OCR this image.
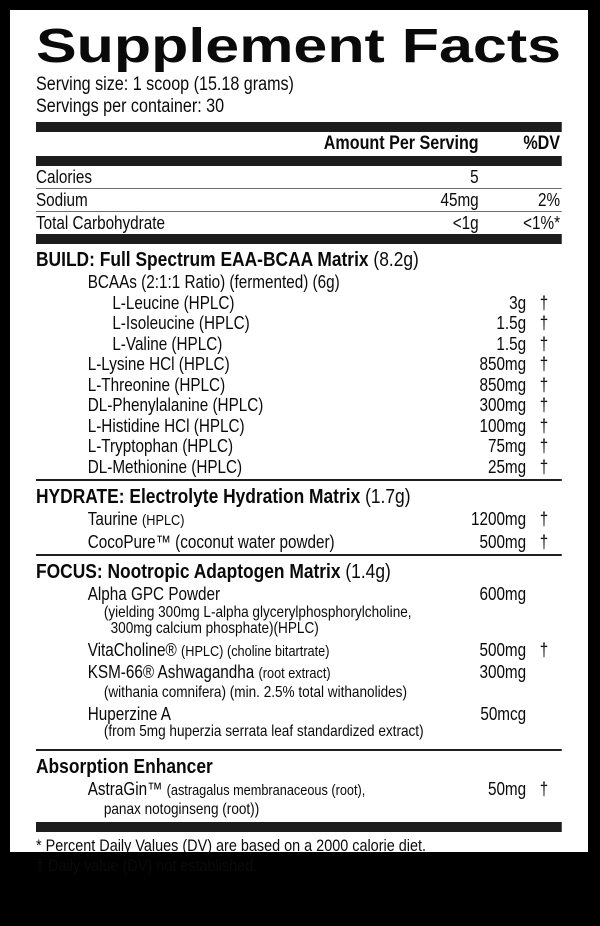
Supplement Facts
Serving size: 1 scoop (15.18 grams)
Servings per container: 30
Amount Per Serving	%DV
Calories	5
Sodium	45mg	2%
Total Carbohydrate	<1g	<1%*
BUILD: Full Spectrum EAA-BCAA Matrix (8.2g)
BCAAs (2:1:1 Ratio) (fermented) (6g)
L-Leucine (HPLC)	3g †
L-Isoleucine (HPLC)	1.5g †
L-Valine (HPLC)	1.5g †
L-Lysine HCl (HPLC)	850mg †
L-Threonine (HPLC)	850mg †
DL-Phenylalanine (HPLC)	300mg †
L-Histidine HCl (HPLC)	100mg †
L-Tryptophan (HPLC)	75mg †
DL-Methionine (HPLC)	25mg †
HYDRATE: Electrolyte Hydration Matrix (1.7g)
Taurine (HPLC)	1200mg †
CocoPure™ (coconut water powder)	500mg †
FOCUS: Nootropic Adaptogen Matrix (1.4g)
Alpha GPC Powder	600mg
(yielding 300mg L-alpha glycerylphosphorylcholine,
300mg calcium phosphate)(HPLC)
VitaCholine® (HPLC) (choline bitartrate)	500mg †
KSM-66® Ashwagandha (root extract)	300mg
(withania comnifera) (min. 2.5% total withanolides)
Huperzine A	50mcg
(from 5mg huperzia serrata leaf standardized extract)
Absorption Enhancer
AstraGin™ (astragalus membranaceous (root),	50mg †
panax notoginseng (root))
* Percent Daily Values (DV) are based on a 2000 calorie diet.
† Daily value (DV) not established.
